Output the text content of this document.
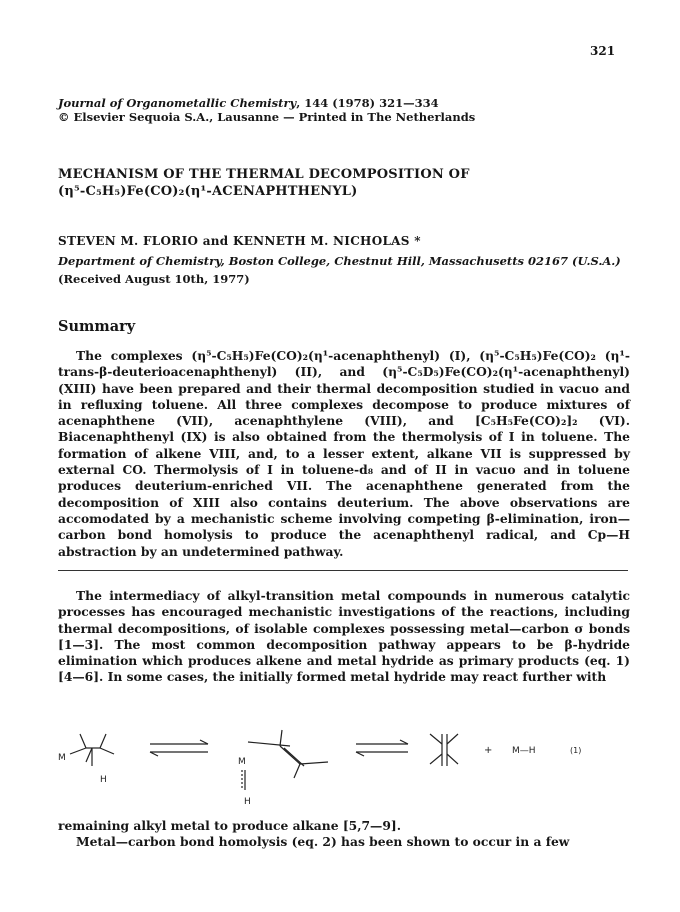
321
Journal of Organometallic Chemistry, 144 (1978) 321—334
© Elsevier Sequoia S.A., Lausanne — Printed in The Netherlands
MECHANISM OF THE THERMAL DECOMPOSITION OF
(η⁵-C₅H₅)Fe(CO)₂(η¹-ACENAPHTHENYL)
STEVEN M. FLORIO and KENNETH M. NICHOLAS *
Department of Chemistry, Boston College, Chestnut Hill, Massachusetts 02167 (U.S.A.)
(Received August 10th, 1977)
Summary

The complexes (η⁵-C₅H₅)Fe(CO)₂(η¹-acenaphthenyl) (I), (η⁵-C₅H₅)Fe(CO)₂ (η¹-trans-β-deuterioacenaphthenyl) (II), and (η⁵-C₅D₅)Fe(CO)₂(η¹-acenaphthenyl) (XIII) have been prepared and their thermal decomposition studied in vacuo and in refluxing toluene. All three complexes decompose to produce mixtures of acenaphthene (VII), acenaphthylene (VIII), and [C₅H₅Fe(CO)₂]₂ (VI). Biacenaphthenyl (IX) is also obtained from the thermolysis of I in toluene. The formation of alkene VIII, and, to a lesser extent, alkane VII is suppressed by external CO. Thermolysis of I in toluene-d₈ and of II in vacuo and in toluene produces deuterium-enriched VII. The acenaphthene generated from the decomposition of XIII also contains deuterium. The above observations are accomodated by a mechanistic scheme involving competing β-elimination, iron—carbon bond homolysis to produce the acenaphthenyl radical, and Cp—H abstraction by an undetermined pathway.

The intermediacy of alkyl-transition metal compounds in numerous catalytic processes has encouraged mechanistic investigations of the reactions, including thermal decompositions, of isolable complexes possessing metal—carbon σ bonds [1—3]. The most common decomposition pathway appears to be β-hydride elimination which produces alkene and metal hydride as primary products (eq. 1) [4—6]. In some cases, the initially formed metal hydride may react further with

M
H
M
H
+ M—H	(1)

remaining alkyl metal to produce alkane [5,7—9].

Metal—carbon bond homolysis (eq. 2) has been shown to occur in a few
